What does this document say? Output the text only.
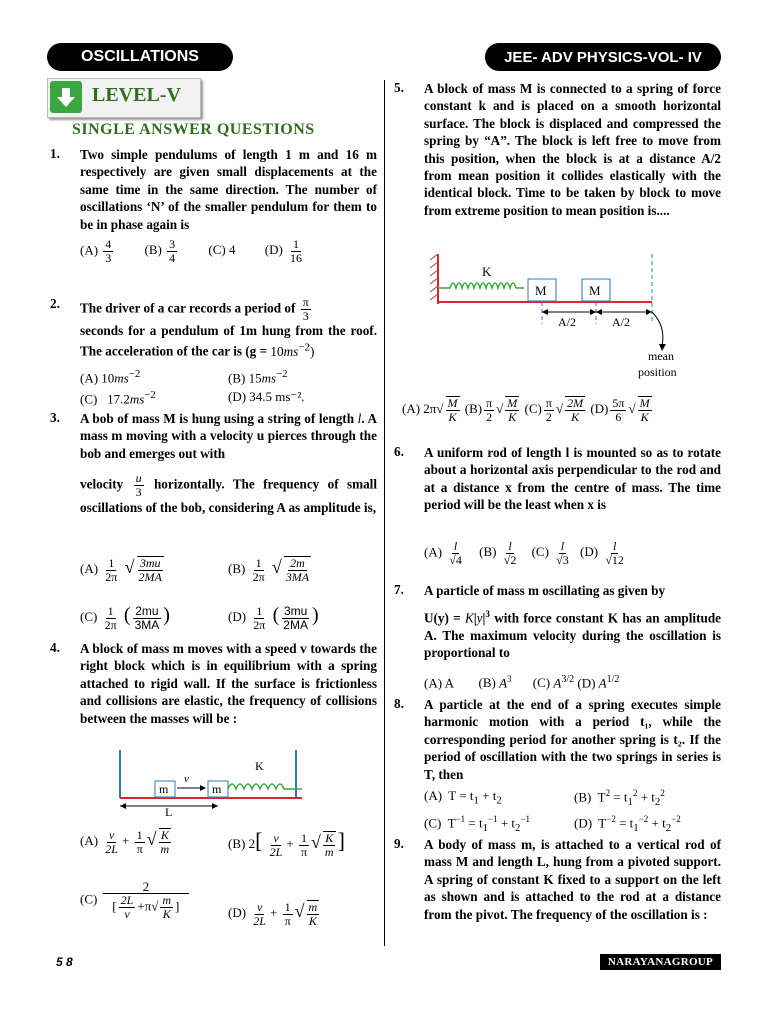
OSCILLATIONS	JEE- ADV PHYSICS-VOL- IV
LEVEL-V
SINGLE ANSWER QUESTIONS
1. Two simple pendulums of length 1 m and 16 m respectively are given small displacements at the same time in the same direction. The number of oscillations ‘N’ of the smaller pendulum for them to be in phase again is
$(A) \frac{4}{3} (B) \frac{3}{4} (C)$ 4 $(D) \frac{1}{16}$
2. The driver of a car records a period of $\frac{\pi}{3}$
seconds for a pendulum of 1m hung from the roof. The acceleration of the car is $(g = 10ms^{-2})$
(A) $10ms^{-2}$	(B) $15ms^{-2}$
(C)   $17.2ms^{-2}$	(D) 34.5 ms⁻².
3. A bob of mass M is hung using a string of length l. A mass m moving with a velocity u pierces through the bob and emerges out with
velocity $\frac{u}{3}$ horizontally. The frequency of small oscillations of the bob, considering A as amplitude is,
$(A) \frac{1}{2\pi}$ √ $\frac{3mu}{2MA}$	$(B) \frac{1}{2\pi}$ √ $\frac{2m}{3MA}$
$(C) \frac{1}{2\pi}$ ( $\frac{2mu}{3MA}$ )	$(D) \frac{1}{2\pi}$ ( $\frac{3mu}{2MA}$ )
4. A block of mass m moves with a speed v towards the right block which is in equilibrium with a spring attached to rigid wall. If the surface is frictionless and collisions are elastic, the frequency of collisions between the masses will be :
m
v
m
K
L
$(A) \frac{v}{2L} + \frac{1}{\pi}$ √ $\frac{K}{m}$	(B) $2[ \frac{v}{2L} + \frac{1}{\pi}$ √ $\frac{K}{m}$ ]
$(C) \frac{2}{[ \frac{2L}{v} +\pi√ \frac{m}{K} ]}$	$(D) \frac{v}{2L} + \frac{1}{\pi}$ √ $\frac{m}{K}$
5. A block of mass M is connected to a spring of force constant k and is placed on a smooth horizontal surface. The block is displaced and compressed the spring by “A”. The block is left free to move from this position, when the block is at a distance A/2 from mean position it collides elastically with the identical block. Time to be taken by block to move from extreme position to mean position is....
K
M	M
A/2	A/2
mean
position
(A) $2\pi√ \frac{M}{K} (B) \frac{\pi}{2}$ √ $\frac{M}{K} (C) \frac{\pi}{2}$ √ $\frac{2M}{K} (D) \frac{5\pi}{6}$ √ $\frac{M}{K}$
6. A uniform rod of length l is mounted so as to rotate about a horizontal axis perpendicular to the rod and at a distance x from the centre of mass. The time period will be the least when x is
$(A) \frac{l}{√4} (B) \frac{l}{√2} (C) \frac{l}{√3} (D) \frac{l}{√12}$
7. A particle of mass m oscillating as given by
$U(y) = K|y|^3$ with force constant K has an amplitude A. The maximum velocity during the oscillation is proportional to
(A) A (B) $A^3$ (C) $A^{3/2}$ (D) $A^{1/2}$
8. A particle at the end of a spring executes simple harmonic motion with a period t₁, while the corresponding period for another spring is t₂. If the period of oscillation with the two springs in series is T, then
(A)  $T = t_1 + t_2$	(B)  $T^2 = t_1^2 + t_2^2$
(C)  $T^{-1} = t_1^{-1} + t_2^{-1}$	(D)  $T^{-2} = t_1^{-2} + t_2^{-2}$
9. A body of mass m, is attached to a vertical rod of mass M and length L, hung from a pivoted support. A spring of constant K fixed to a support on the left as shown and is attached to the rod at a distance from the pivot. The frequency of the oscillation is :
5 8	NARAYANAGROUP
